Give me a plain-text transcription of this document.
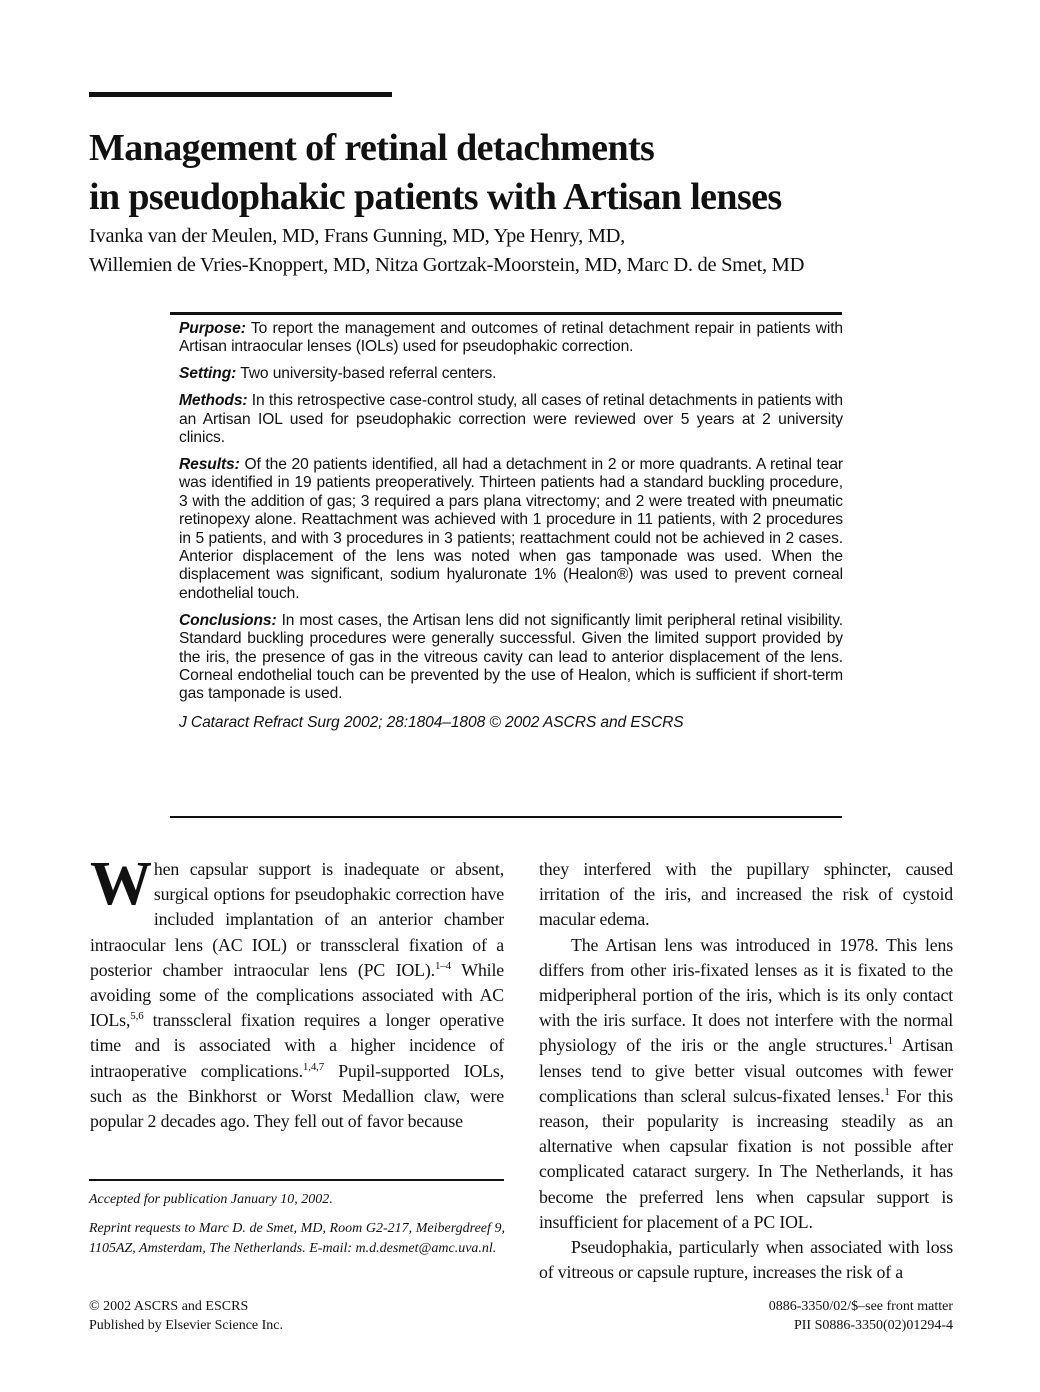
Management of retinal detachments
in pseudophakic patients with Artisan lenses
Ivanka van der Meulen, MD, Frans Gunning, MD, Ype Henry, MD,
Willemien de Vries-Knoppert, MD, Nitza Gortzak-Moorstein, MD, Marc D. de Smet, MD

Purpose: To report the management and outcomes of retinal detachment repair in patients with Artisan intraocular lenses (IOLs) used for pseudophakic correction.

Setting: Two university-based referral centers.

Methods: In this retrospective case-control study, all cases of retinal detachments in patients with an Artisan IOL used for pseudophakic correction were reviewed over 5 years at 2 university clinics.

Results: Of the 20 patients identified, all had a detachment in 2 or more quadrants. A retinal tear was identified in 19 patients preoperatively. Thirteen patients had a standard buckling procedure, 3 with the addition of gas; 3 required a pars plana vitrectomy; and 2 were treated with pneumatic retinopexy alone. Reattachment was achieved with 1 procedure in 11 patients, with 2 procedures in 5 patients, and with 3 procedures in 3 patients; reattachment could not be achieved in 2 cases. Anterior displacement of the lens was noted when gas tamponade was used. When the displacement was significant, sodium hyaluronate 1% (Healon®) was used to prevent corneal endothelial touch.

Conclusions: In most cases, the Artisan lens did not significantly limit peripheral retinal visibility. Standard buckling procedures were generally successful. Given the limited support provided by the iris, the presence of gas in the vitreous cavity can lead to anterior displacement of the lens. Corneal endothelial touch can be prevented by the use of Healon, which is sufficient if short-term gas tamponade is used.

J Cataract Refract Surg 2002; 28:1804–1808 © 2002 ASCRS and ESCRS

When capsular support is inadequate or absent, surgical options for pseudophakic correction have included implantation of an anterior chamber intraocular lens (AC IOL) or transscleral fixation of a posterior chamber intraocular lens (PC IOL).$^{1-4}$ While avoiding some of the complications associated with AC IOLs,$^{5,6}$ transscleral fixation requires a longer operative time and is associated with a higher incidence of intraoperative complications.$^{1,4,7}$ Pupil-supported IOLs, such as the Binkhorst or Worst Medallion claw, were popular 2 decades ago. They fell out of favor because

they interfered with the pupillary sphincter, caused irritation of the iris, and increased the risk of cystoid macular edema.

The Artisan lens was introduced in 1978. This lens differs from other iris-fixated lenses as it is fixated to the midperipheral portion of the iris, which is its only contact with the iris surface. It does not interfere with the normal physiology of the iris or the angle structures.$^1$ Artisan lenses tend to give better visual outcomes with fewer complications than scleral sulcus-fixated lenses.$^1$ For this reason, their popularity is increasing steadily as an alternative when capsular fixation is not possible after complicated cataract surgery. In The Netherlands, it has become the preferred lens when capsular support is insufficient for placement of a PC IOL.

Pseudophakia, particularly when associated with loss of vitreous or capsule rupture, increases the risk of a

Accepted for publication January 10, 2002.

Reprint requests to Marc D. de Smet, MD, Room G2-217, Meibergdreef 9, 1105AZ, Amsterdam, The Netherlands. E-mail: m.d.desmet@amc.uva.nl.

© 2002 ASCRS and ESCRS
Published by Elsevier Science Inc.
0886-3350/02/$–see front matter
PII S0886-3350(02)01294-4
